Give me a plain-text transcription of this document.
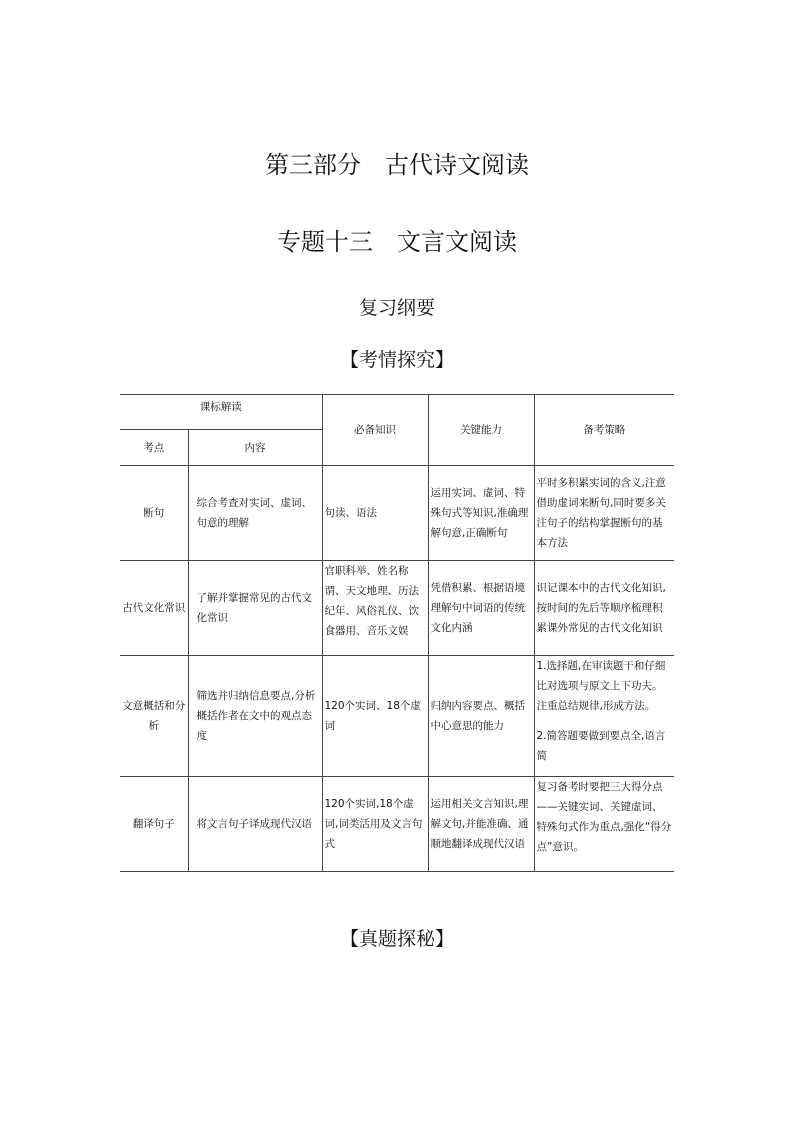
第三部分　古代诗文阅读
专题十三　文言文阅读
复习纲要
【考情探究】
课标解读		必备知识	关键能力	备考策略
考点	内容			
断句	综合考查对实词、虚词、句意的理解	句读、语法	运用实词、虚词、特殊句式等知识,准确理解句意,正确断句	平时多积累实词的含义,注意借助虚词来断句,同时要多关注句子的结构掌握断句的基本方法
古代文化常识	了解并掌握常见的古代文化常识	官职科举、姓名称谓、天文地理、历法纪年、风俗礼仪、饮食器用、音乐文娱	凭借积累、根据语境理解句中词语的传统文化内涵	识记课本中的古代文化知识,按时间的先后等顺序梳理积累课外常见的古代文化知识
文意概括和分析	筛选并归纳信息要点,分析概括作者在文中的观点态度	120个实词、18个虚词	归纳内容要点、概括中心意思的能力	1.选择题,在审读题干和仔细比对选项与原文上下功夫。注重总结规律,形成方法。

2.简答题要做到要点全,语言简

翻译句子	将文言句子译成现代汉语	120个实词,18个虚词,词类活用及文言句式	运用相关文言知识,理解文句,并能准确、通顺地翻译成现代汉语	复习备考时要把三大得分点——关键实词、关键虚词、特殊句式作为重点,强化“得分点”意识。
【真题探秘】
